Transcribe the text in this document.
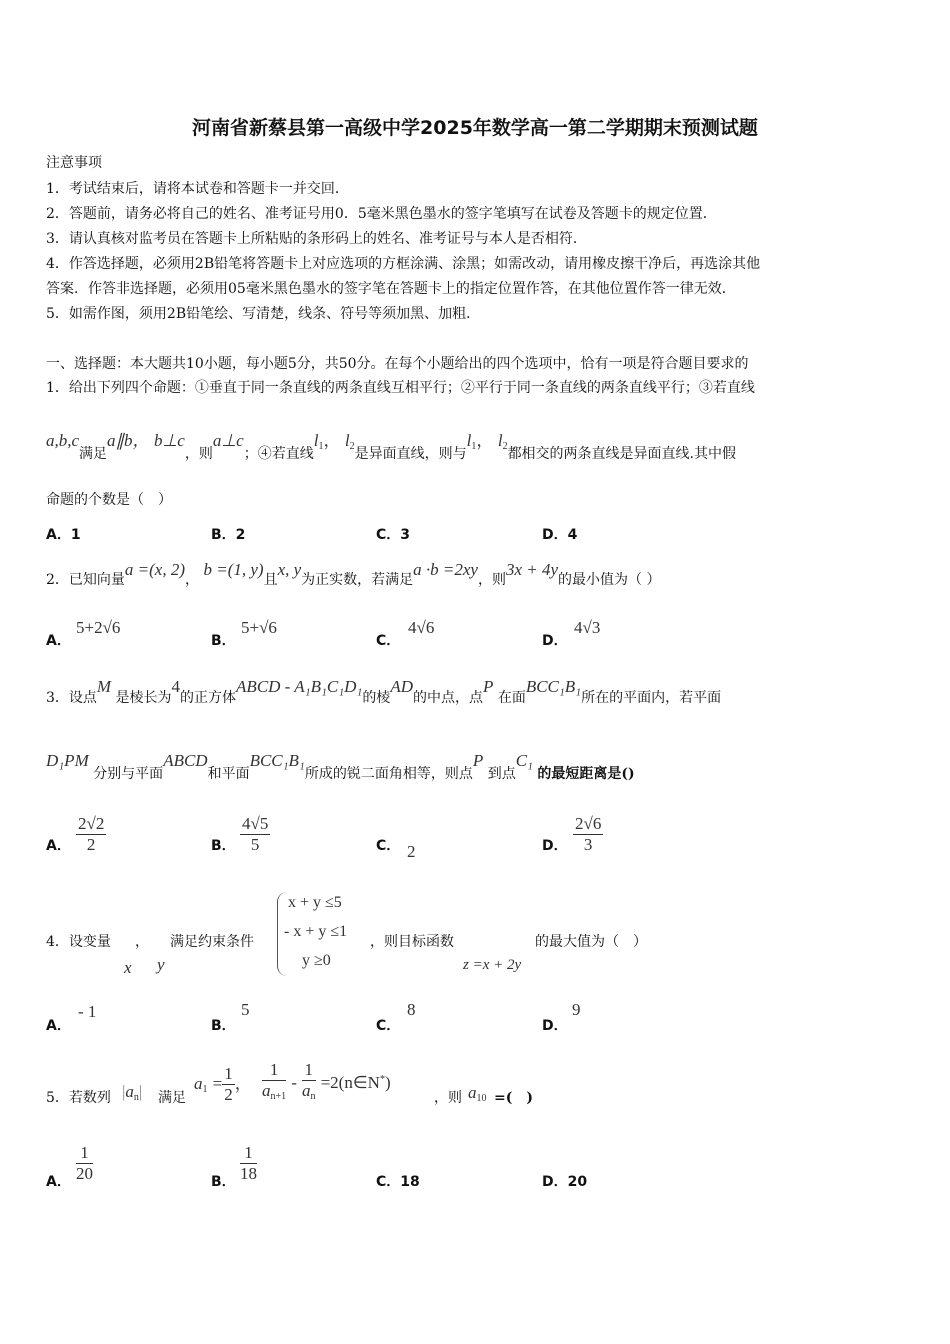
河南省新蔡县第一高级中学2025年数学高一第二学期期末预测试题
注意事项
1．考试结束后，请将本试卷和答题卡一并交回．
2．答题前，请务必将自己的姓名、准考证号用0．5毫米黑色墨水的签字笔填写在试卷及答题卡的规定位置．
3．请认真核对监考员在答题卡上所粘贴的条形码上的姓名、准考证号与本人是否相符．
4．作答选择题，必须用2B铅笔将答题卡上对应选项的方框涂满、涂黑；如需改动，请用橡皮擦干净后，再选涂其他
答案．作答非选择题，必须用05毫米黑色墨水的签字笔在答题卡上的指定位置作答，在其他位置作答一律无效．
5．如需作图，须用2B铅笔绘、写清楚，线条、符号等须加黑、加粗．
一、选择题：本大题共10小题，每小题5分，共50分。在每个小题给出的四个选项中，恰有一项是符合题目要求的
1．给出下列四个命题：①垂直于同一条直线的两条直线互相平行；②平行于同一条直线的两条直线平行；③若直线
a,b,c满足a∥b， b⊥c，则a⊥c；④若直线$l_1$， $l_2$是异面直线，则与$l_1$， $l_2$都相交的两条直线是异面直线.其中假
命题的个数是（　）
A．1	B．2	C．3	D．4
2．已知向量a =(x, 2)， b =(1, y)且x, y为正实数，若满足a ·b =2xy，则3x + 4y的最小值为（ ）
A．
5+2√6
B．
5+√6
C．
4√6
D．
4√3
3．设点M 是棱长为4的正方体ABCD - A₁B₁C₁D₁的棱AD的中点，点P 在面BCC₁B₁所在的平面内，若平面
D₁PM 分别与平面ABCD和平面BCC₁B₁所成的锐二面角相等，则点P 到点C₁ 的最短距离是()
A． $\frac{2√2}{2}$	B． $\frac{4√5}{5}$	C． 2	D． $\frac{2√6}{3}$
4．设变量 ， 满足约束条件
x y
x + y ≤5
- x + y ≤1
y ≥0
，则目标函数
z =x + 2y
的最大值为（　）
A．
- 1
B．
5
C．
8
D．
9
5．若数列 $|a_n|$ 满足
$a_1 = \frac{1}{2}$ ， $\frac{1}{a_{n+1}} - \frac{1}{a_n}$ =2(n∈N*)
，则 $a_{10}$ =(　)
A． $\frac{1}{20}$	B． $\frac{1}{18}$	C．18	D．20
